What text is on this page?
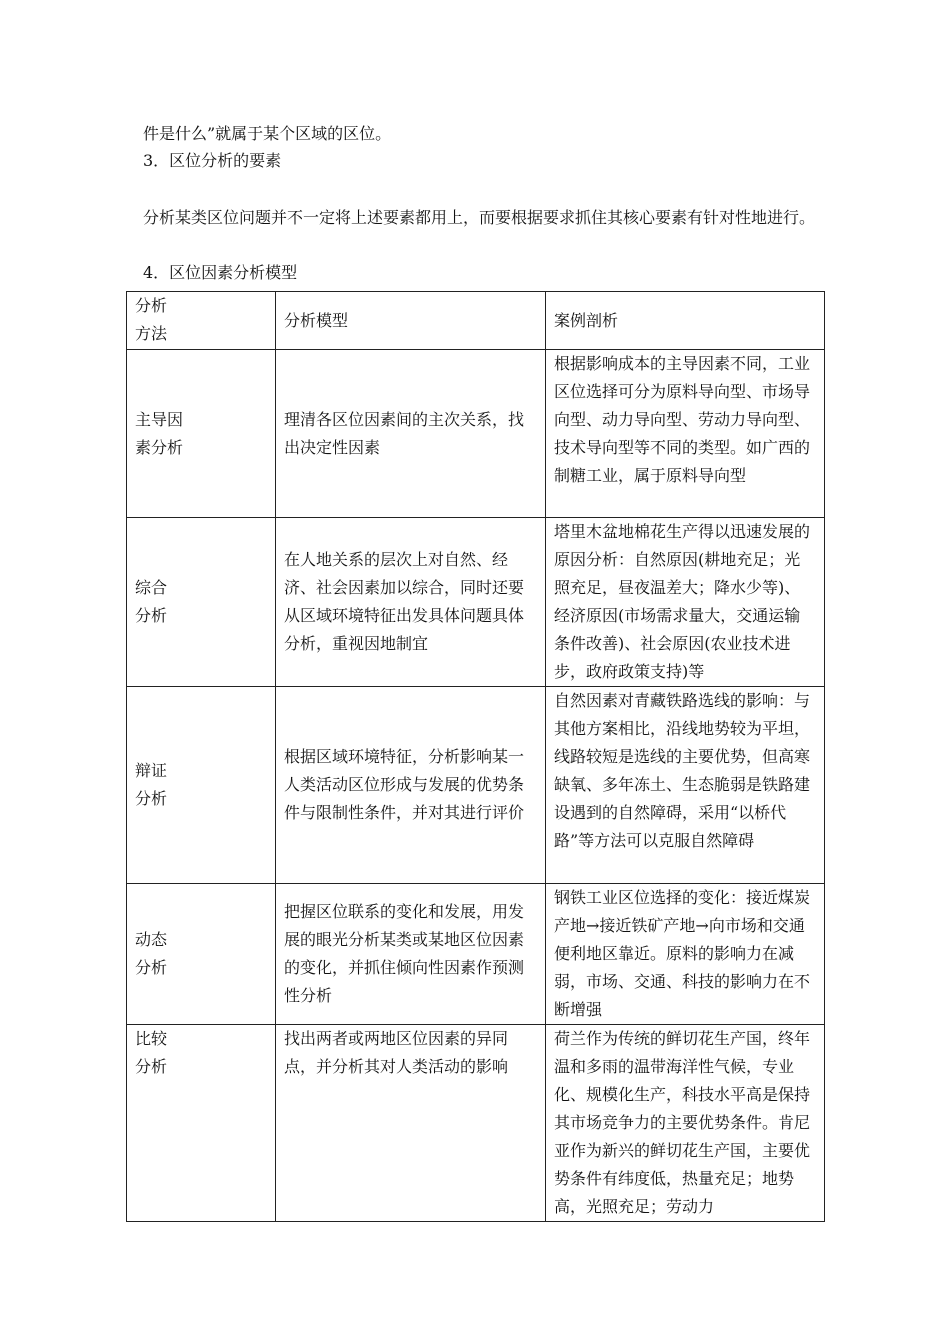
件是什么”就属于某个区域的区位。
3．区位分析的要素
分析某类区位问题并不一定将上述要素都用上，而要根据要求抓住其核心要素有针对性地进行。
4．区位因素分析模型
分析
方法	分析模型	案例剖析
主导因
素分析	理清各区位因素间的主次关系，找出决定性因素	根据影响成本的主导因素不同，工业区位选择可分为原料导向型、市场导向型、动力导向型、劳动力导向型、技术导向型等不同的类型。如广西的制糖工业，属于原料导向型
综合
分析	在人地关系的层次上对自然、经济、社会因素加以综合，同时还要从区域环境特征出发具体问题具体分析，重视因地制宜	塔里木盆地棉花生产得以迅速发展的原因分析：自然原因(耕地充足；光照充足，昼夜温差大；降水少等)、经济原因(市场需求量大，交通运输条件改善)、社会原因(农业技术进步，政府政策支持)等
辩证
分析	根据区域环境特征，分析影响某一人类活动区位形成与发展的优势条件与限制性条件，并对其进行评价	自然因素对青藏铁路选线的影响：与其他方案相比，沿线地势较为平坦，线路较短是选线的主要优势，但高寒缺氧、多年冻土、生态脆弱是铁路建设遇到的自然障碍，采用“以桥代路”等方法可以克服自然障碍
动态
分析	把握区位联系的变化和发展，用发展的眼光分析某类或某地区位因素的变化，并抓住倾向性因素作预测性分析	钢铁工业区位选择的变化：接近煤炭产地→接近铁矿产地→向市场和交通便利地区靠近。原料的影响力在减弱，市场、交通、科技的影响力在不断增强
比较
分析	找出两者或两地区位因素的异同点，并分析其对人类活动的影响	荷兰作为传统的鲜切花生产国，终年温和多雨的温带海洋性气候，专业化、规模化生产，科技水平高是保持其市场竞争力的主要优势条件。肯尼亚作为新兴的鲜切花生产国，主要优势条件有纬度低，热量充足；地势高，光照充足；劳动力
